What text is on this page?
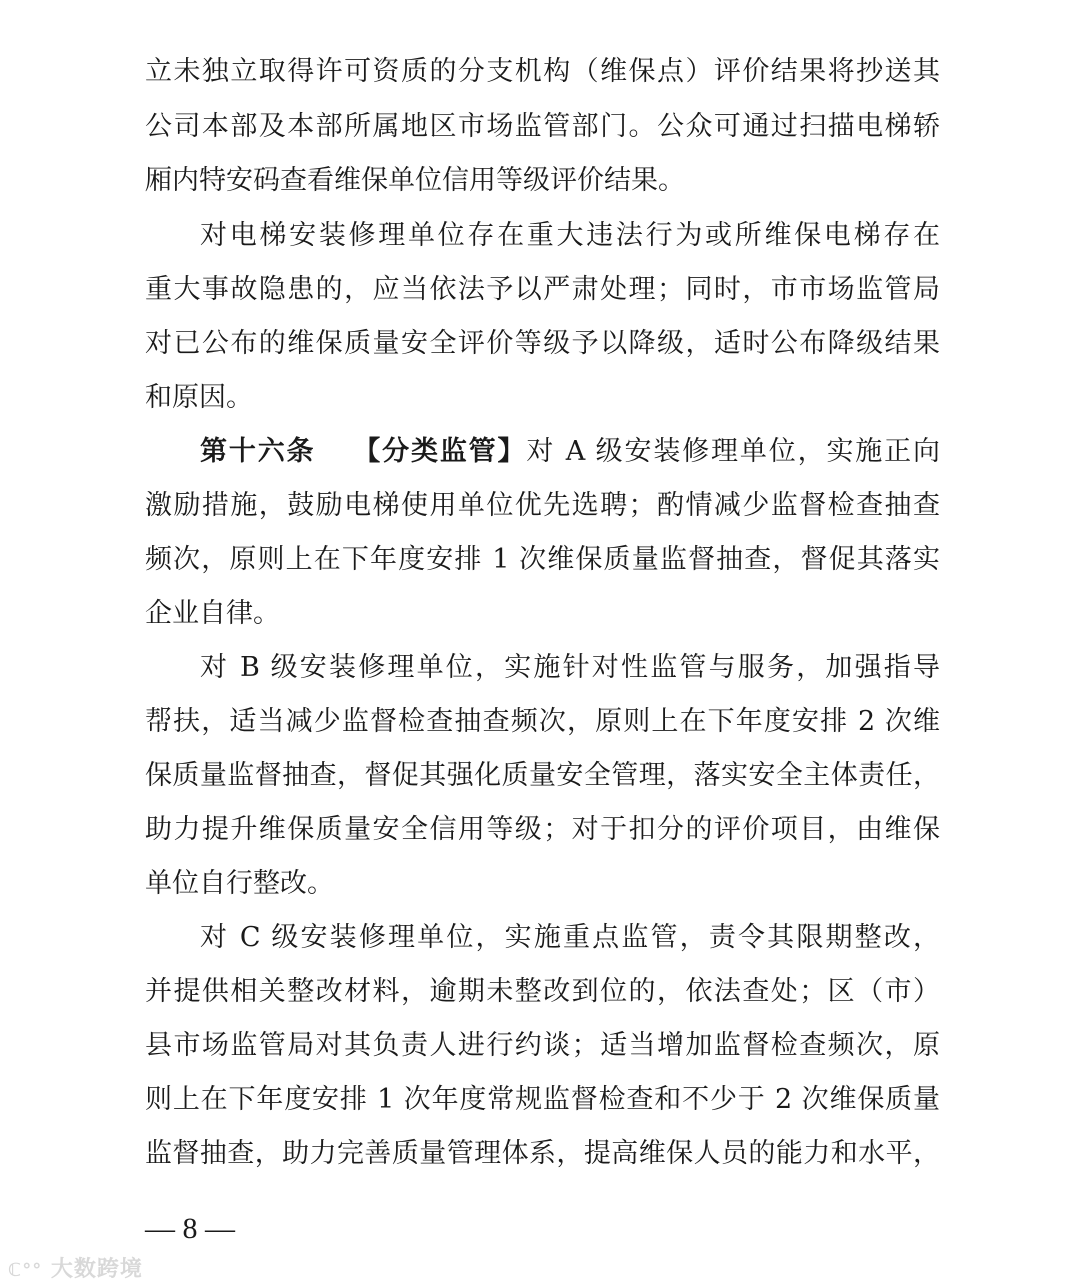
立未独立取得许可资质的分支机构（维保点）评价结果将抄送其
公司本部及本部所属地区市场监管部门。公众可通过扫描电梯轿
厢内特安码查看维保单位信用等级评价结果。
对电梯安装修理单位存在重大违法行为或所维保电梯存在
重大事故隐患的，应当依法予以严肃处理；同时，市市场监管局
对已公布的维保质量安全评价等级予以降级，适时公布降级结果
和原因。
第十六条 【分类监管】对 A 级安装修理单位，实施正向
激励措施，鼓励电梯使用单位优先选聘；酌情减少监督检查抽查
频次，原则上在下年度安排 1 次维保质量监督抽查，督促其落实
企业自律。
对 B 级安装修理单位，实施针对性监管与服务，加强指导
帮扶，适当减少监督检查抽查频次，原则上在下年度安排 2 次维
保质量监督抽查，督促其强化质量安全管理，落实安全主体责任，
助力提升维保质量安全信用等级；对于扣分的评价项目，由维保
单位自行整改。
对 C 级安装修理单位，实施重点监管，责令其限期整改，
并提供相关整改材料，逾期未整改到位的，依法查处；区（市）
县市场监管局对其负责人进行约谈；适当增加监督检查频次，原
则上在下年度安排 1 次年度常规监督检查和不少于 2 次维保质量
监督抽查，助力完善质量管理体系，提高维保人员的能力和水平，
— 8 —
ℂ°° 大数跨境
